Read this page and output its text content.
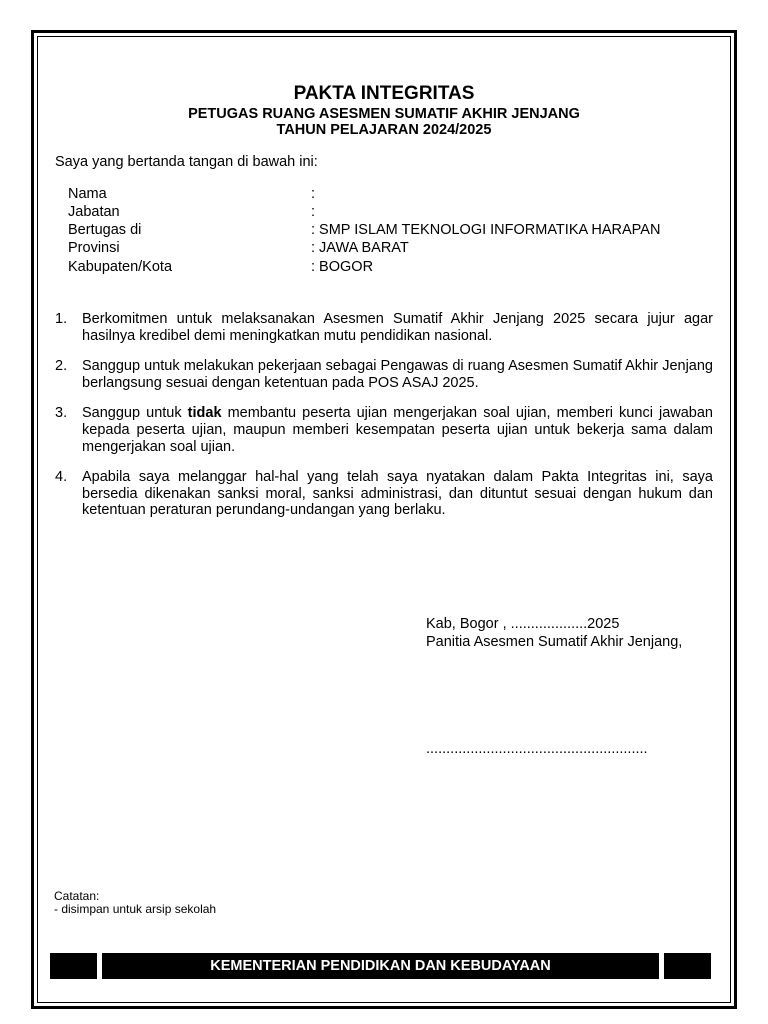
PAKTA INTEGRITAS
PETUGAS RUANG ASESMEN SUMATIF AKHIR JENJANG
TAHUN PELAJARAN 2024/2025
Saya yang bertanda tangan di bawah ini:
Nama	:
Jabatan	:
Bertugas di	: SMP ISLAM TEKNOLOGI INFORMATIKA HARAPAN
Provinsi	: JAWA BARAT
Kabupaten/Kota	: BOGOR
1.	Berkomitmen untuk melaksanakan Asesmen Sumatif Akhir Jenjang 2025 secara jujur agar hasilnya kredibel demi meningkatkan mutu pendidikan nasional.
2.	Sanggup untuk melakukan pekerjaan sebagai Pengawas di ruang Asesmen Sumatif Akhir Jenjang berlangsung sesuai dengan ketentuan pada POS ASAJ 2025.
3.	Sanggup untuk tidak membantu peserta ujian mengerjakan soal ujian, memberi kunci jawaban kepada peserta ujian, maupun memberi kesempatan peserta ujian untuk bekerja sama dalam mengerjakan soal ujian.
4.	Apabila saya melanggar hal-hal yang telah saya nyatakan dalam Pakta Integritas ini, saya bersedia dikenakan sanksi moral, sanksi administrasi, dan dituntut sesuai dengan hukum dan ketentuan peraturan perundang-undangan yang berlaku.
Kab, Bogor , ...................2025
Panitia Asesmen Sumatif Akhir Jenjang,
.......................................................
Catatan:
- disimpan untuk arsip sekolah
KEMENTERIAN PENDIDIKAN DAN KEBUDAYAAN
